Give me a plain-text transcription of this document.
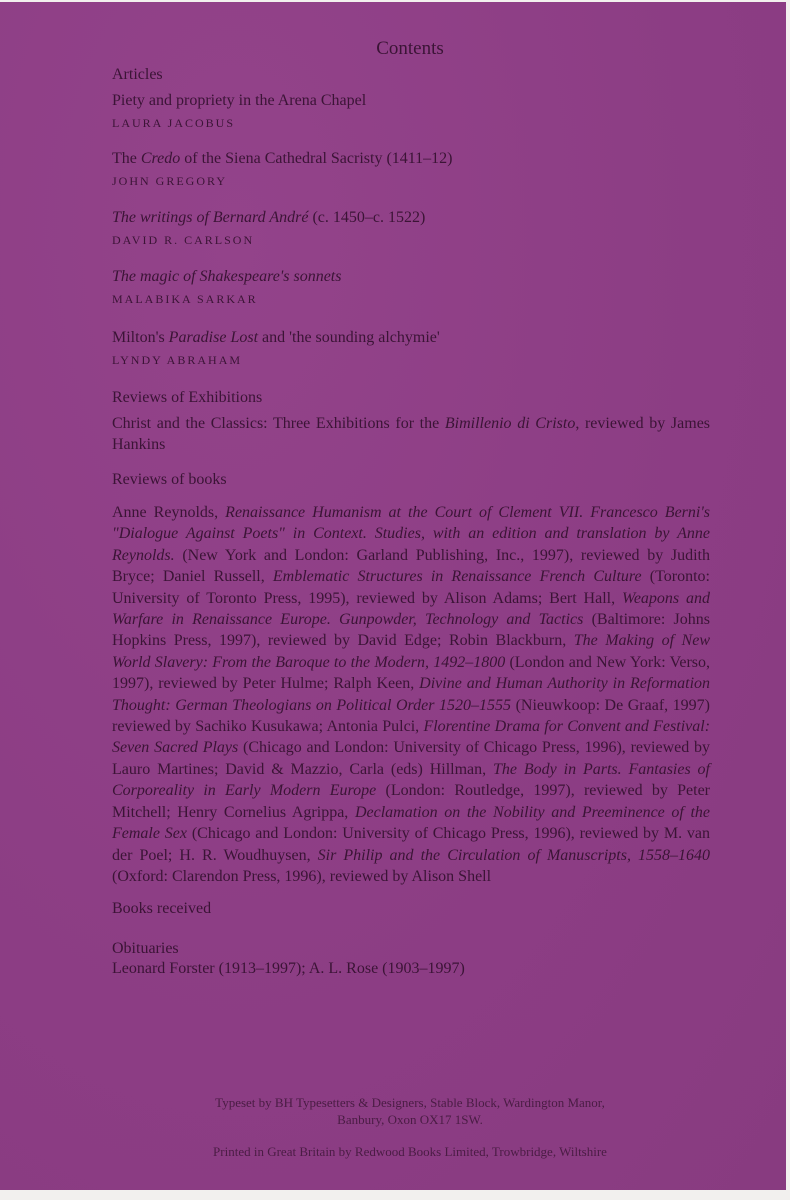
Contents
Articles
Piety and propriety in the Arena Chapel
LAURA JACOBUS
The Credo of the Siena Cathedral Sacristy (1411–12)
JOHN GREGORY
The writings of Bernard André (c. 1450–c. 1522)
DAVID R. CARLSON
The magic of Shakespeare's sonnets
MALABIKA SARKAR
Milton's Paradise Lost and 'the sounding alchymie'
LYNDY ABRAHAM
Reviews of Exhibitions
Christ and the Classics: Three Exhibitions for the Bimillenio di Cristo, reviewed by James Hankins
Reviews of books
Anne Reynolds, Renaissance Humanism at the Court of Clement VII. Francesco Berni's "Dialogue Against Poets" in Context. Studies, with an edition and translation by Anne Reynolds. (New York and London: Garland Publishing, Inc., 1997), reviewed by Judith Bryce; Daniel Russell, Emblematic Structures in Renaissance French Culture (Toronto: University of Toronto Press, 1995), reviewed by Alison Adams; Bert Hall, Weapons and Warfare in Renaissance Europe. Gunpowder, Technology and Tactics (Baltimore: Johns Hopkins Press, 1997), reviewed by David Edge; Robin Blackburn, The Making of New World Slavery: From the Baroque to the Modern, 1492–1800 (London and New York: Verso, 1997), reviewed by Peter Hulme; Ralph Keen, Divine and Human Authority in Reformation Thought: German Theologians on Political Order 1520–1555 (Nieuwkoop: De Graaf, 1997) reviewed by Sachiko Kusukawa; Antonia Pulci, Florentine Drama for Convent and Festival: Seven Sacred Plays (Chicago and London: University of Chicago Press, 1996), reviewed by Lauro Martines; David & Mazzio, Carla (eds) Hillman, The Body in Parts. Fantasies of Corporeality in Early Modern Europe (London: Routledge, 1997), reviewed by Peter Mitchell; Henry Cornelius Agrippa, Declamation on the Nobility and Preeminence of the Female Sex (Chicago and London: University of Chicago Press, 1996), reviewed by M. van der Poel; H. R. Woudhuysen, Sir Philip and the Circulation of Manuscripts, 1558–1640 (Oxford: Clarendon Press, 1996), reviewed by Alison Shell
Books received
Obituaries
Leonard Forster (1913–1997); A. L. Rose (1903–1997)
Typeset by BH Typesetters & Designers, Stable Block, Wardington Manor,
Banbury, Oxon OX17 1SW.
Printed in Great Britain by Redwood Books Limited, Trowbridge, Wiltshire
